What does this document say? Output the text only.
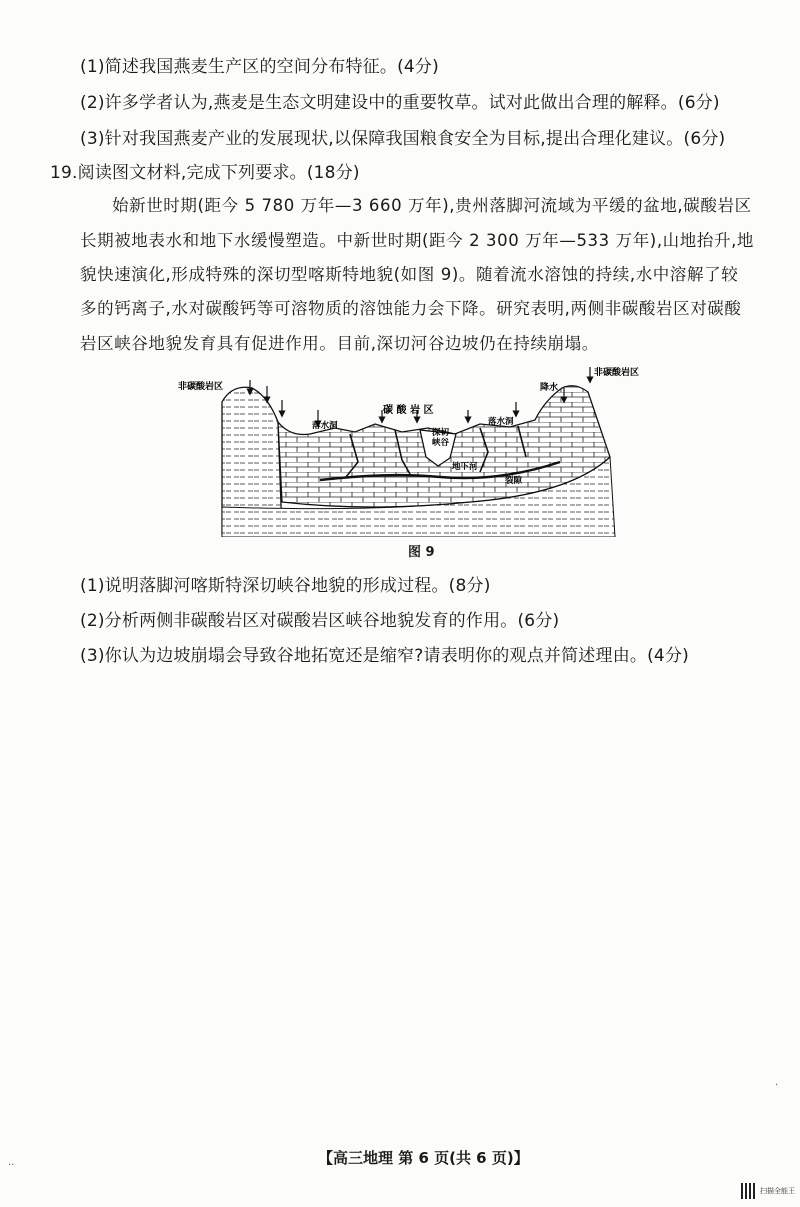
(1)简述我国燕麦生产区的空间分布特征。(4分)
(2)许多学者认为,燕麦是生态文明建设中的重要牧草。试对此做出合理的解释。(6分)
(3)针对我国燕麦产业的发展现状,以保障我国粮食安全为目标,提出合理化建议。(6分)
19.阅读图文材料,完成下列要求。(18分)
始新世时期(距今 5 780 万年—3 660 万年),贵州落脚河流域为平缓的盆地,碳酸岩区
长期被地表水和地下水缓慢塑造。中新世时期(距今 2 300 万年—533 万年),山地抬升,地
貌快速演化,形成特殊的深切型喀斯特地貌(如图 9)。随着流水溶蚀的持续,水中溶解了较
多的钙离子,水对碳酸钙等可溶物质的溶蚀能力会下降。研究表明,两侧非碳酸岩区对碳酸
岩区峡谷地貌发育具有促进作用。目前,深切河谷边坡仍在持续崩塌。
非碳酸岩区
非碳酸岩区
降水
碳 酸 岩 区
落水洞	落水洞
深切
峡谷
地下河
裂隙
图 9
(1)说明落脚河喀斯特深切峡谷地貌的形成过程。(8分)
(2)分析两侧非碳酸岩区对碳酸岩区峡谷地貌发育的作用。(6分)
(3)你认为边坡崩塌会导致谷地拓宽还是缩窄?请表明你的观点并简述理由。(4分)
【高三地理 第 6 页(共 6 页)】
··
·
扫描全能王
